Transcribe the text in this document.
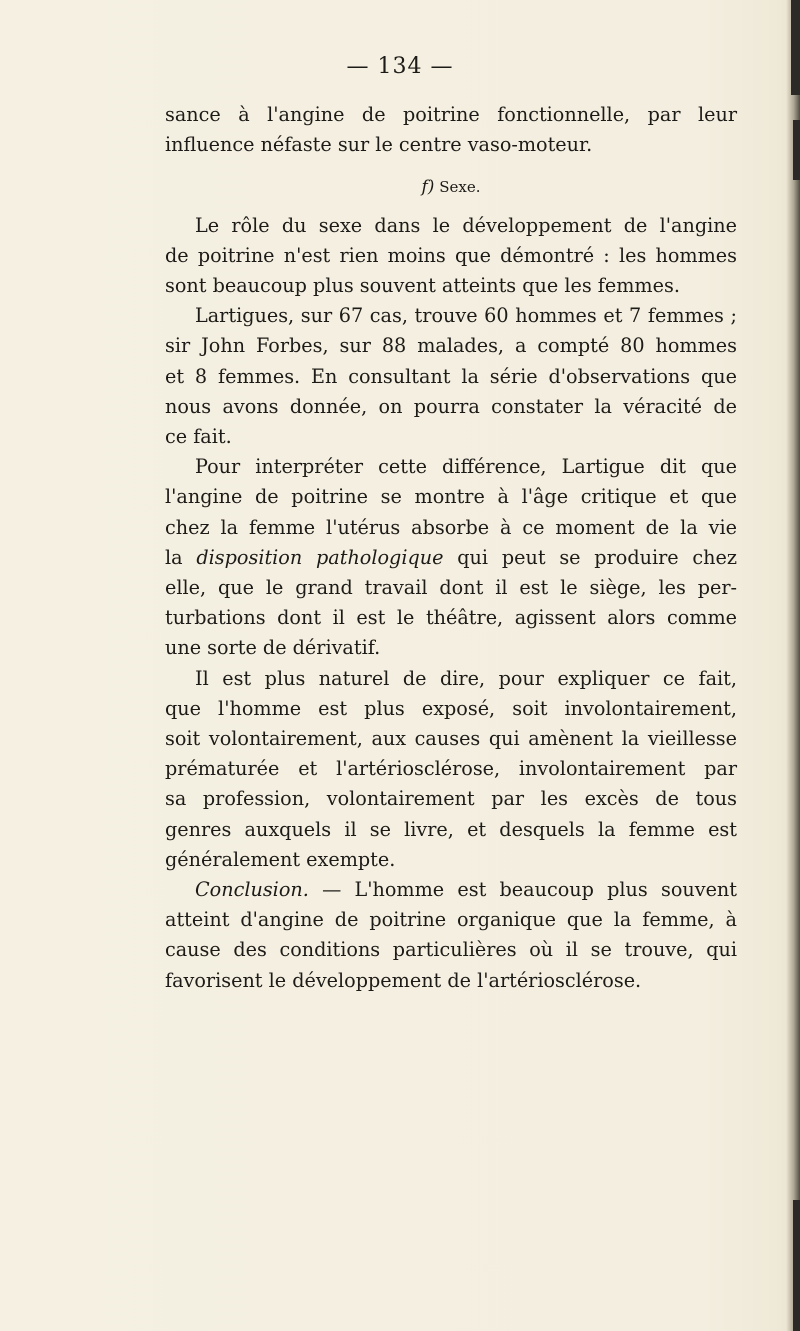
— 134 —
sance à l'angine de poitrine fonctionnelle, par leur
influence néfaste sur le centre vaso-moteur.
f) Sexe.
Le rôle du sexe dans le développement de l'angine
de poitrine n'est rien moins que démontré : les hommes
sont beaucoup plus souvent atteints que les femmes.
Lartigues, sur 67 cas, trouve 60 hommes et 7 femmes ;
sir John Forbes, sur 88 malades, a compté 80 hommes
et 8 femmes. En consultant la série d'observations que
nous avons donnée, on pourra constater la véracité de
ce fait.
Pour interpréter cette différence, Lartigue dit que
l'angine de poitrine se montre à l'âge critique et que
chez la femme l'utérus absorbe à ce moment de la vie
la disposition pathologique qui peut se produire chez
elle, que le grand travail dont il est le siège, les per-
turbations dont il est le théâtre, agissent alors comme
une sorte de dérivatif.
Il est plus naturel de dire, pour expliquer ce fait,
que l'homme est plus exposé, soit involontairement,
soit volontairement, aux causes qui amènent la vieillesse
prématurée et l'artériosclérose, involontairement par
sa profession, volontairement par les excès de tous
genres auxquels il se livre, et desquels la femme est
généralement exempte.
Conclusion. — L'homme est beaucoup plus souvent
atteint d'angine de poitrine organique que la femme, à
cause des conditions particulières où il se trouve, qui
favorisent le développement de l'artériosclérose.
